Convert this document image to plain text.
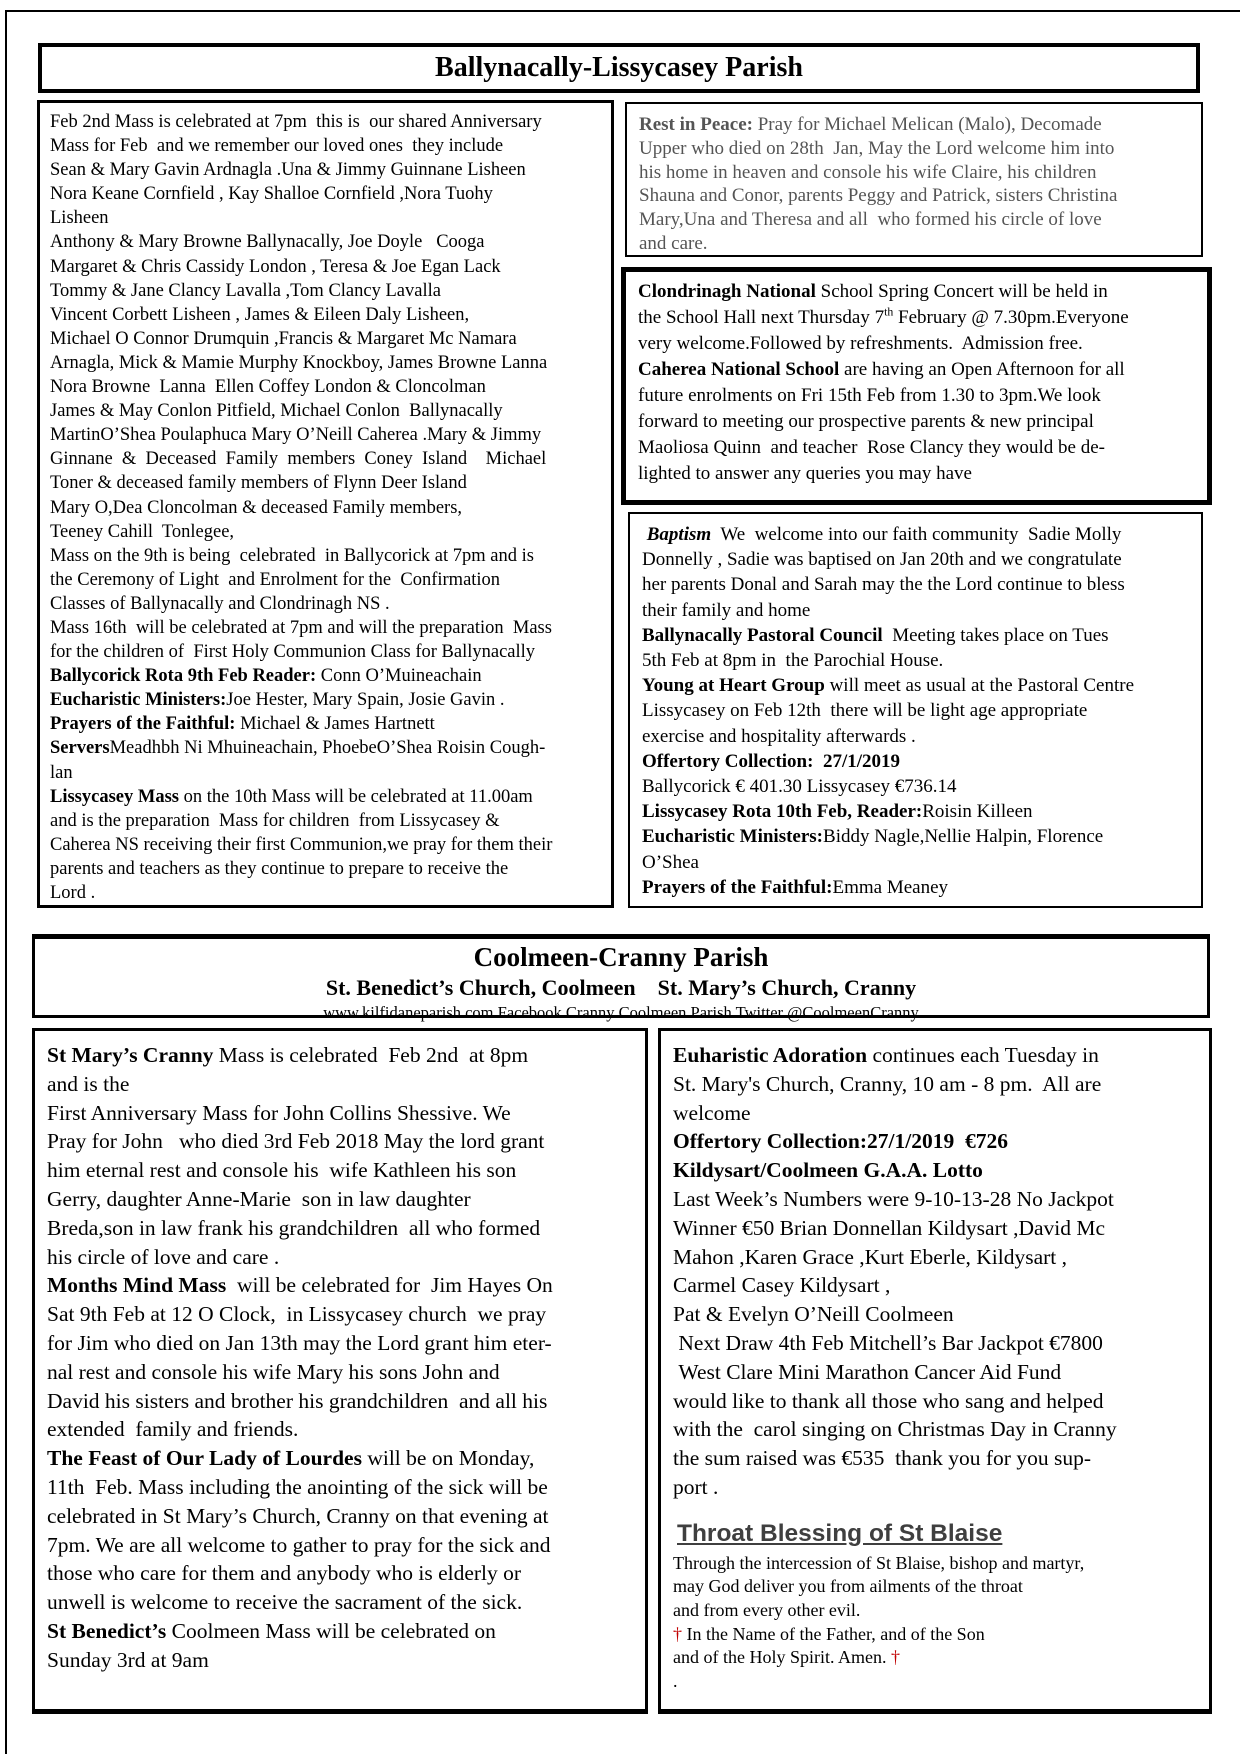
Ballynacally-Lissycasey Parish
Feb 2nd Mass is celebrated at 7pm  this is  our shared Anniversary
Mass for Feb  and we remember our loved ones  they include
Sean & Mary Gavin Ardnagla .Una & Jimmy Guinnane Lisheen
Nora Keane Cornfield , Kay Shalloe Cornfield ,Nora Tuohy
Lisheen
Anthony & Mary Browne Ballynacally, Joe Doyle   Cooga
Margaret & Chris Cassidy London , Teresa & Joe Egan Lack
Tommy & Jane Clancy Lavalla ,Tom Clancy Lavalla
Vincent Corbett Lisheen , James & Eileen Daly Lisheen,
Michael O Connor Drumquin ,Francis & Margaret Mc Namara
Arnagla, Mick & Mamie Murphy Knockboy, James Browne Lanna
Nora Browne  Lanna  Ellen Coffey London & Cloncolman
James & May Conlon Pitfield, Michael Conlon  Ballynacally
MartinO’Shea Poulaphuca Mary O’Neill Caherea .Mary & Jimmy
Ginnane  &  Deceased  Family  members  Coney  Island    Michael
Toner & deceased family members of Flynn Deer Island
Mary O,Dea Cloncolman & deceased Family members,
Teeney Cahill  Tonlegee,
Mass on the 9th is being  celebrated  in Ballycorick at 7pm and is
the Ceremony of Light  and Enrolment for the  Confirmation
Classes of Ballynacally and Clondrinagh NS .
Mass 16th  will be celebrated at 7pm and will the preparation  Mass
for the children of  First Holy Communion Class for Ballynacally
Ballycorick Rota 9th Feb Reader: Conn O’Muineachain
Eucharistic Ministers:Joe Hester, Mary Spain, Josie Gavin .
Prayers of the Faithful: Michael & James Hartnett
ServersMeadhbh Ni Mhuineachain, PhoebeO’Shea Roisin Cough-
lan
Lissycasey Mass on the 10th Mass will be celebrated at 11.00am
and is the preparation  Mass for children  from Lissycasey &
Caherea NS receiving their first Communion,we pray for them their
parents and teachers as they continue to prepare to receive the
Lord .
Rest in Peace: Pray for Michael Melican (Malo), Decomade
Upper who died on 28th  Jan, May the Lord welcome him into
his home in heaven and console his wife Claire, his children
Shauna and Conor, parents Peggy and Patrick, sisters Christina
Mary,Una and Theresa and all  who formed his circle of love
and care.
Clondrinagh National School Spring Concert will be held in
the School Hall next Thursday 7th February @ 7.30pm.Everyone
very welcome.Followed by refreshments.  Admission free.
Caherea National School are having an Open Afternoon for all
future enrolments on Fri 15th Feb from 1.30 to 3pm.We look
forward to meeting our prospective parents & new principal
Maoliosa Quinn  and teacher  Rose Clancy they would be de-
lighted to answer any queries you may have
Baptism  We  welcome into our faith community  Sadie Molly
Donnelly , Sadie was baptised on Jan 20th and we congratulate
her parents Donal and Sarah may the the Lord continue to bless
their family and home
Ballynacally Pastoral Council  Meeting takes place on Tues
5th Feb at 8pm in  the Parochial House.
Young at Heart Group will meet as usual at the Pastoral Centre
Lissycasey on Feb 12th  there will be light age appropriate
exercise and hospitality afterwards .
Offertory Collection:  27/1/2019
Ballycorick € 401.30 Lissycasey €736.14
Lissycasey Rota 10th Feb, Reader:Roisin Killeen
Eucharistic Ministers:Biddy Nagle,Nellie Halpin, Florence
O’Shea
Prayers of the Faithful:Emma Meaney
Coolmeen-Cranny Parish
St. Benedict’s Church, Coolmeen    St. Mary’s Church, Cranny
www.kilfidaneparish.com Facebook Cranny Coolmeen Parish Twitter @CoolmeenCranny
St Mary’s Cranny Mass is celebrated  Feb 2nd  at 8pm
and is the
First Anniversary Mass for John Collins Shessive. We
Pray for John   who died 3rd Feb 2018 May the lord grant
him eternal rest and console his  wife Kathleen his son
Gerry, daughter Anne-Marie  son in law daughter
Breda,son in law frank his grandchildren  all who formed
his circle of love and care .
Months Mind Mass  will be celebrated for  Jim Hayes On
Sat 9th Feb at 12 O Clock,  in Lissycasey church  we pray
for Jim who died on Jan 13th may the Lord grant him eter-
nal rest and console his wife Mary his sons John and
David his sisters and brother his grandchildren  and all his
extended  family and friends.
The Feast of Our Lady of Lourdes will be on Monday,
11th  Feb. Mass including the anointing of the sick will be
celebrated in St Mary’s Church, Cranny on that evening at
7pm. We are all welcome to gather to pray for the sick and
those who care for them and anybody who is elderly or
unwell is welcome to receive the sacrament of the sick.
St Benedict’s Coolmeen Mass will be celebrated on
Sunday 3rd at 9am
Euharistic Adoration continues each Tuesday in
St. Mary's Church, Cranny, 10 am - 8 pm.  All are
welcome
Offertory Collection:27/1/2019  €726
Kildysart/Coolmeen G.A.A. Lotto
Last Week’s Numbers were 9-10-13-28 No Jackpot
Winner €50 Brian Donnellan Kildysart ,David Mc
Mahon ,Karen Grace ,Kurt Eberle, Kildysart ,
Carmel Casey Kildysart ,
Pat & Evelyn O’Neill Coolmeen
Next Draw 4th Feb Mitchell’s Bar Jackpot €7800
West Clare Mini Marathon Cancer Aid Fund
would like to thank all those who sang and helped
with the  carol singing on Christmas Day in Cranny
the sum raised was €535  thank you for you sup-
port .
Throat Blessing of St Blaise
Through the intercession of St Blaise, bishop and martyr,
may God deliver you from ailments of the throat
and from every other evil.
† In the Name of the Father, and of the Son
and of the Holy Spirit. Amen. †
.
